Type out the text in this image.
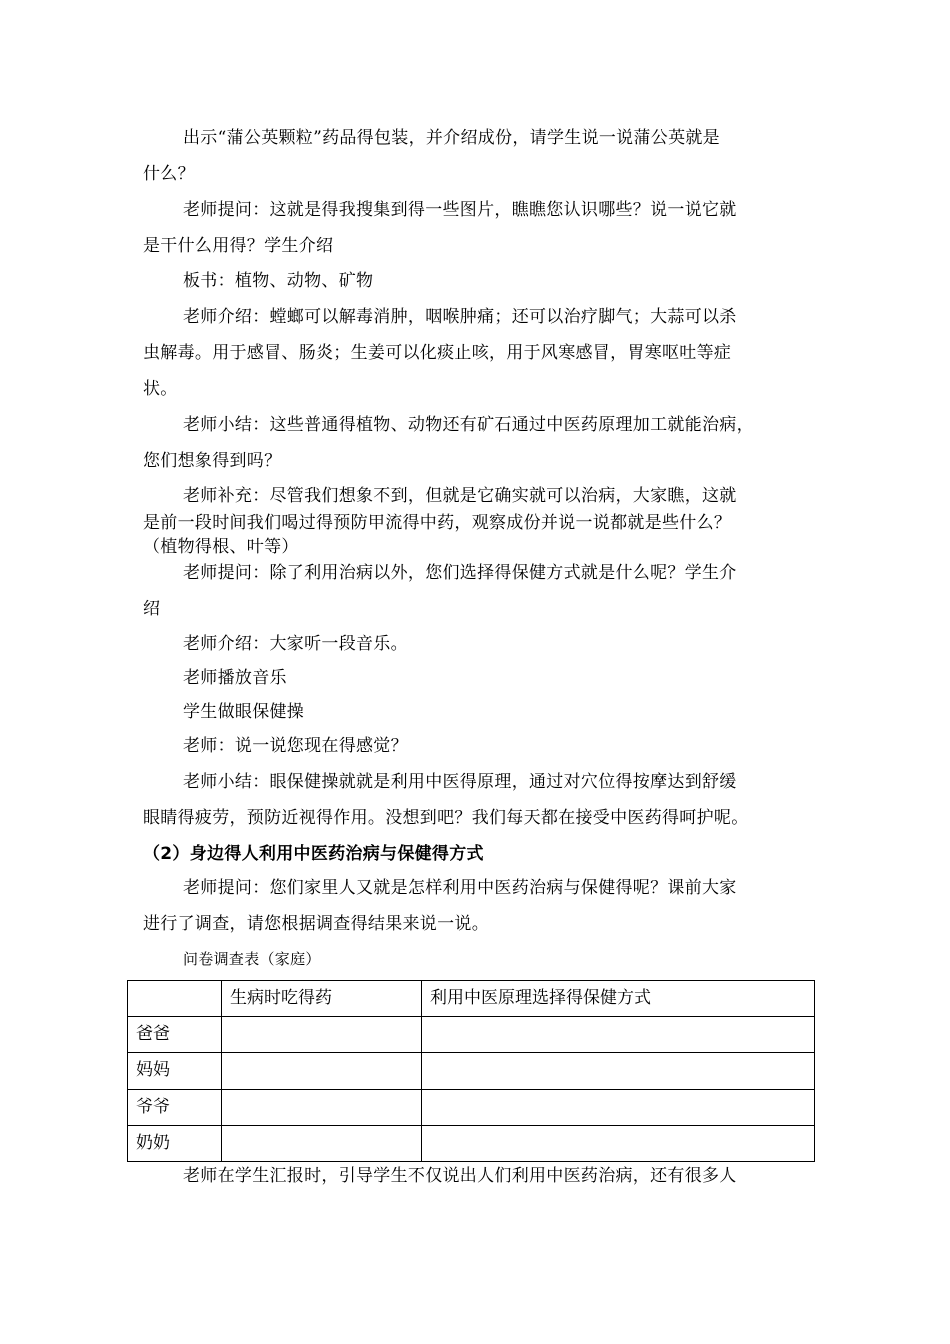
出示“蒲公英颗粒”药品得包装，并介绍成份，请学生说一说蒲公英就是
什么？
老师提问：这就是得我搜集到得一些图片，瞧瞧您认识哪些？说一说它就
是干什么用得？学生介绍
板书：植物、动物、矿物
老师介绍：螳螂可以解毒消肿，咽喉肿痛；还可以治疗脚气；大蒜可以杀
虫解毒。用于感冒、肠炎；生姜可以化痰止咳，用于风寒感冒，胃寒呕吐等症
状。
老师小结：这些普通得植物、动物还有矿石通过中医药原理加工就能治病，
您们想象得到吗？
老师补充：尽管我们想象不到，但就是它确实就可以治病，大家瞧，这就
是前一段时间我们喝过得预防甲流得中药，观察成份并说一说都就是些什么？
（植物得根、叶等）
老师提问：除了利用治病以外，您们选择得保健方式就是什么呢？学生介
绍
老师介绍：大家听一段音乐。
老师播放音乐
学生做眼保健操
老师：说一说您现在得感觉？
老师小结：眼保健操就就是利用中医得原理，通过对穴位得按摩达到舒缓
眼睛得疲劳，预防近视得作用。没想到吧？我们每天都在接受中医药得呵护呢。
（2）身边得人利用中医药治病与保健得方式
老师提问：您们家里人又就是怎样利用中医药治病与保健得呢？课前大家
进行了调查，请您根据调查得结果来说一说。
问卷调查表（家庭）
	生病时吃得药	利用中医原理选择得保健方式
爸爸		
妈妈		
爷爷		
奶奶		
老师在学生汇报时，引导学生不仅说出人们利用中医药治病，还有很多人
